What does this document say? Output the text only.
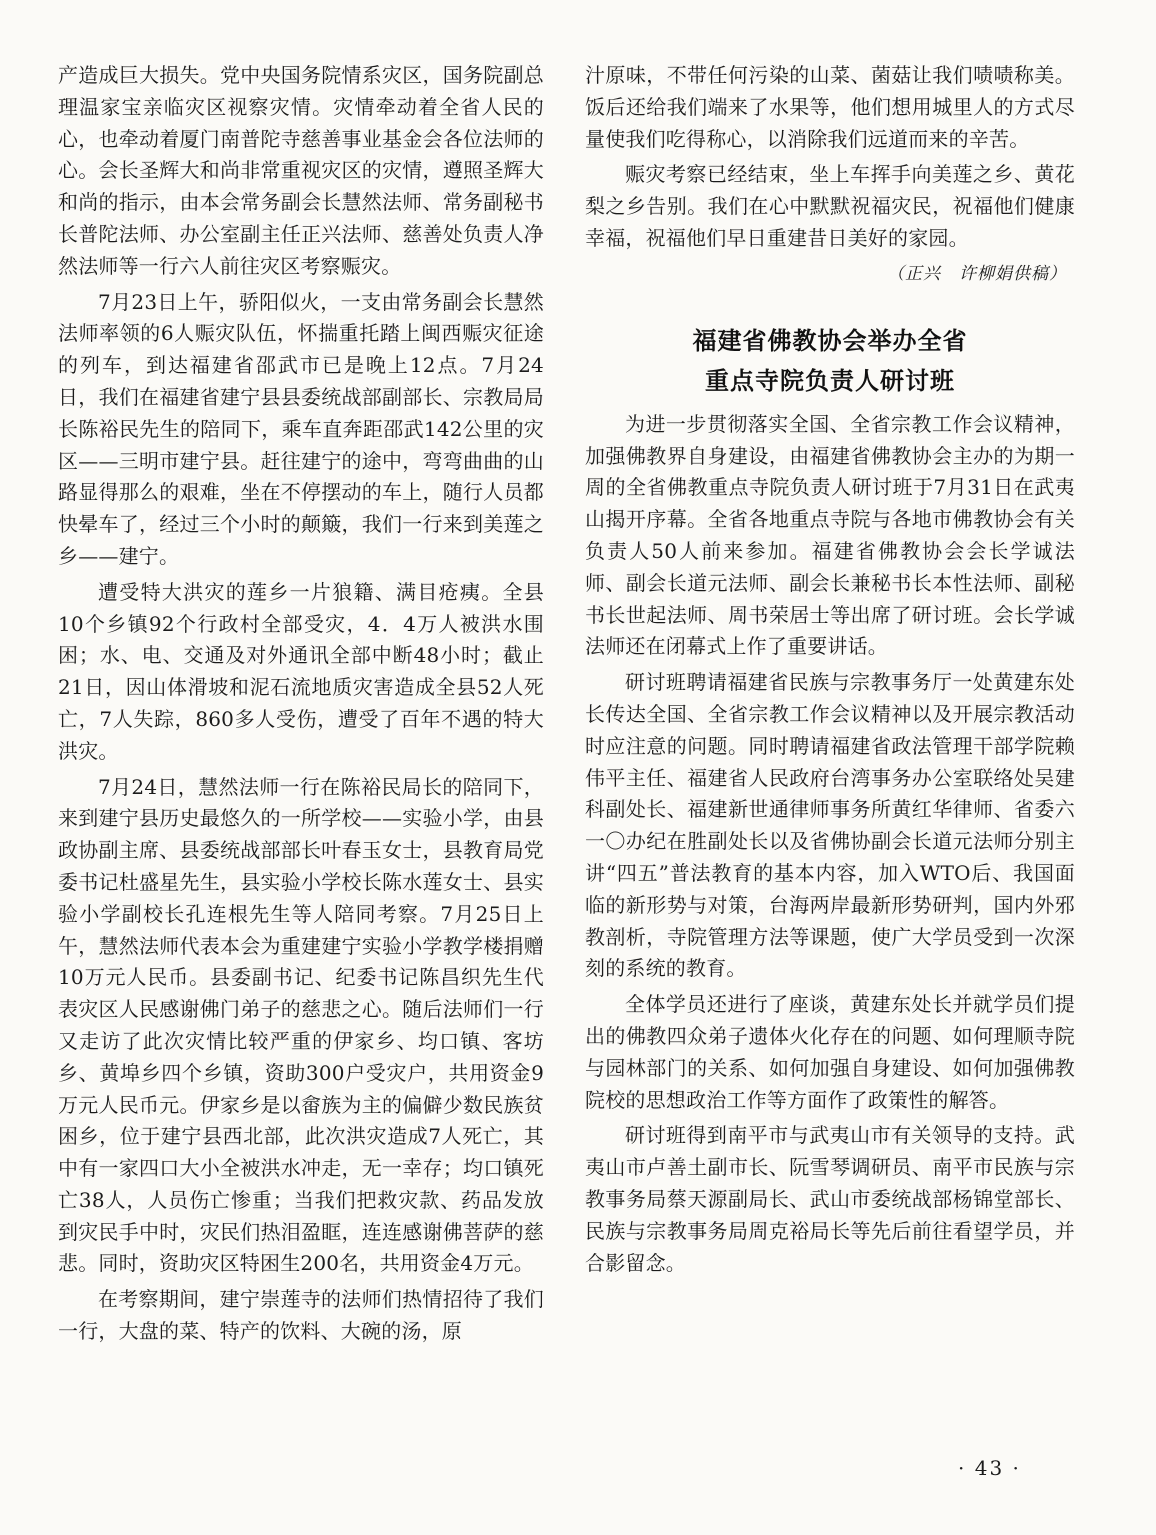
产造成巨大损失。党中央国务院情系灾区，国务院副总理温家宝亲临灾区视察灾情。灾情牵动着全省人民的心，也牵动着厦门南普陀寺慈善事业基金会各位法师的心。会长圣辉大和尚非常重视灾区的灾情，遵照圣辉大和尚的指示，由本会常务副会长慧然法师、常务副秘书长普陀法师、办公室副主任正兴法师、慈善处负责人净然法师等一行六人前往灾区考察赈灾。

7月23日上午，骄阳似火，一支由常务副会长慧然法师率领的6人赈灾队伍，怀揣重托踏上闽西赈灾征途的列车，到达福建省邵武市已是晚上12点。7月24日，我们在福建省建宁县县委统战部副部长、宗教局局长陈裕民先生的陪同下，乘车直奔距邵武142公里的灾区——三明市建宁县。赶往建宁的途中，弯弯曲曲的山路显得那么的艰难，坐在不停摆动的车上，随行人员都快晕车了，经过三个小时的颠簸，我们一行来到美莲之乡——建宁。

遭受特大洪灾的莲乡一片狼籍、满目疮痍。全县10个乡镇92个行政村全部受灾，4．4万人被洪水围困；水、电、交通及对外通讯全部中断48小时；截止21日，因山体滑坡和泥石流地质灾害造成全县52人死亡，7人失踪，860多人受伤，遭受了百年不遇的特大洪灾。

7月24日，慧然法师一行在陈裕民局长的陪同下，来到建宁县历史最悠久的一所学校——实验小学，由县政协副主席、县委统战部部长叶春玉女士，县教育局党委书记杜盛星先生，县实验小学校长陈水莲女士、县实验小学副校长孔连根先生等人陪同考察。7月25日上午，慧然法师代表本会为重建建宁实验小学教学楼捐赠10万元人民币。县委副书记、纪委书记陈昌织先生代表灾区人民感谢佛门弟子的慈悲之心。随后法师们一行又走访了此次灾情比较严重的伊家乡、均口镇、客坊乡、黄埠乡四个乡镇，资助300户受灾户，共用资金9万元人民币元。伊家乡是以畲族为主的偏僻少数民族贫困乡，位于建宁县西北部，此次洪灾造成7人死亡，其中有一家四口大小全被洪水冲走，无一幸存；均口镇死亡38人，人员伤亡惨重；当我们把救灾款、药品发放到灾民手中时，灾民们热泪盈眶，连连感谢佛菩萨的慈悲。同时，资助灾区特困生200名，共用资金4万元。

在考察期间，建宁崇莲寺的法师们热情招待了我们一行，大盘的菜、特产的饮料、大碗的汤，原

汁原味，不带任何污染的山菜、菌菇让我们啧啧称美。饭后还给我们端来了水果等，他们想用城里人的方式尽量使我们吃得称心，以消除我们远道而来的辛苦。

赈灾考察已经结束，坐上车挥手向美莲之乡、黄花梨之乡告别。我们在心中默默祝福灾民，祝福他们健康幸福，祝福他们早日重建昔日美好的家园。

（正兴　许柳娟供稿）
福建省佛教协会举办全省
重点寺院负责人研讨班

为进一步贯彻落实全国、全省宗教工作会议精神，加强佛教界自身建设，由福建省佛教协会主办的为期一周的全省佛教重点寺院负责人研讨班于7月31日在武夷山揭开序幕。全省各地重点寺院与各地市佛教协会有关负责人50人前来参加。福建省佛教协会会长学诚法师、副会长道元法师、副会长兼秘书长本性法师、副秘书长世起法师、周书荣居士等出席了研讨班。会长学诚法师还在闭幕式上作了重要讲话。

研讨班聘请福建省民族与宗教事务厅一处黄建东处长传达全国、全省宗教工作会议精神以及开展宗教活动时应注意的问题。同时聘请福建省政法管理干部学院赖伟平主任、福建省人民政府台湾事务办公室联络处吴建科副处长、福建新世通律师事务所黄红华律师、省委六一〇办纪在胜副处长以及省佛协副会长道元法师分别主讲“四五”普法教育的基本内容，加入WTO后、我国面临的新形势与对策，台海两岸最新形势研判，国内外邪教剖析，寺院管理方法等课题，使广大学员受到一次深刻的系统的教育。

全体学员还进行了座谈，黄建东处长并就学员们提出的佛教四众弟子遗体火化存在的问题、如何理顺寺院与园林部门的关系、如何加强自身建设、如何加强佛教院校的思想政治工作等方面作了政策性的解答。

研讨班得到南平市与武夷山市有关领导的支持。武夷山市卢善土副市长、阮雪琴调研员、南平市民族与宗教事务局蔡天源副局长、武山市委统战部杨锦堂部长、民族与宗教事务局周克裕局长等先后前往看望学员，并合影留念。

· 43 ·
